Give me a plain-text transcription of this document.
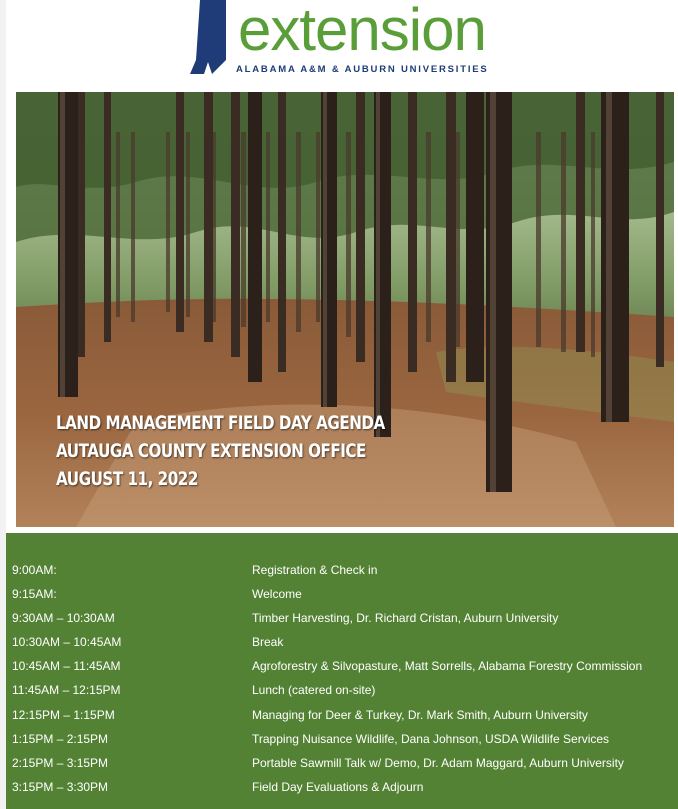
extension
ALABAMA A&M & AUBURN UNIVERSITIES
LAND MANAGEMENT FIELD DAY AGENDA
AUTAUGA COUNTY EXTENSION OFFICE
AUGUST 11, 2022
9:00AM:	Registration & Check in
9:15AM:	Welcome
9:30AM – 10:30AM	Timber Harvesting, Dr. Richard Cristan, Auburn University
10:30AM – 10:45AM	Break
10:45AM – 11:45AM	Agroforestry & Silvopasture, Matt Sorrells, Alabama Forestry Commission
11:45AM – 12:15PM	Lunch (catered on-site)
12:15PM – 1:15PM	Managing for Deer & Turkey, Dr. Mark Smith, Auburn University
1:15PM – 2:15PM	Trapping Nuisance Wildlife, Dana Johnson, USDA Wildlife Services
2:15PM – 3:15PM	Portable Sawmill Talk w/ Demo, Dr. Adam Maggard, Auburn University
3:15PM – 3:30PM	Field Day Evaluations & Adjourn
